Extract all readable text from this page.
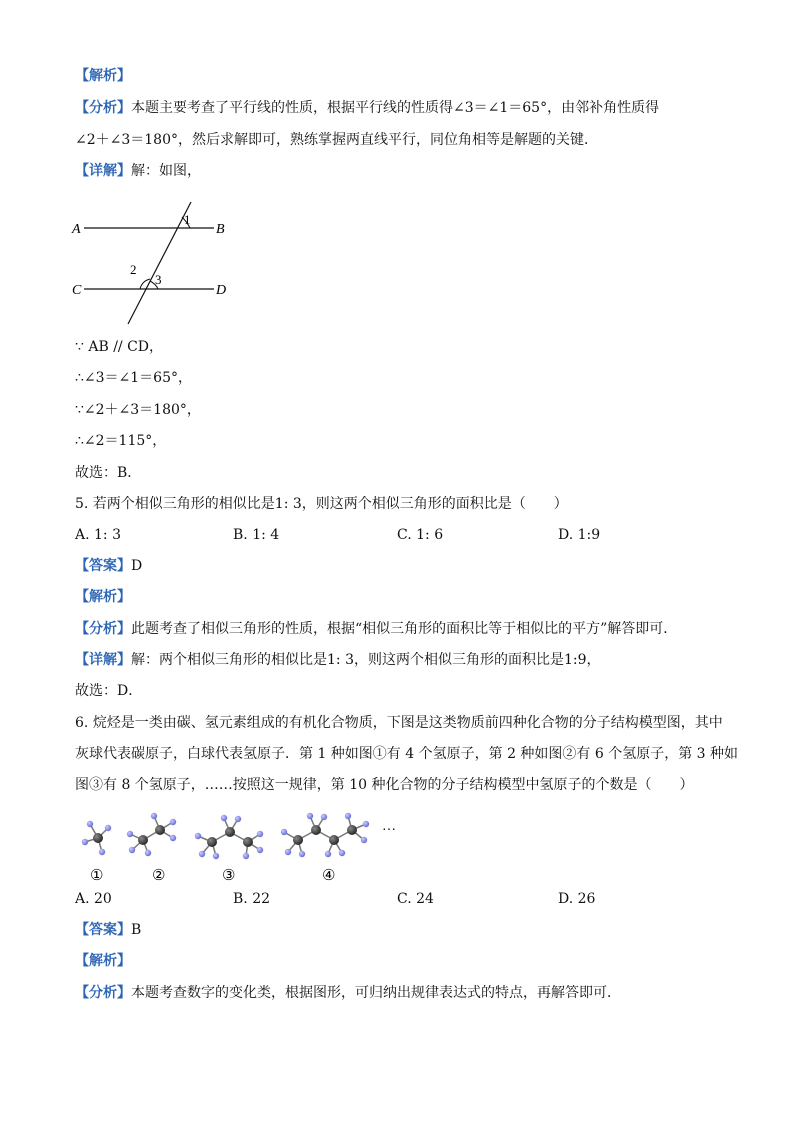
【解析】
【分析】本题主要考查了平行线的性质，根据平行线的性质得∠3＝∠1＝65°，由邻补角性质得
∠2＋∠3＝180°，然后求解即可，熟练掌握两直线平行，同位角相等是解题的关键．
【详解】解：如图，
A	B
C	D
1
2
3
∵ AB // CD，
∴∠3＝∠1＝65°，
∵∠2＋∠3＝180°，
∴∠2＝115°，
故选：B．
5. 若两个相似三角形的相似比是1: 3，则这两个相似三角形的面积比是（　　）
A. 1: 3	B. 1: 4	C. 1: 6	D. 1:9
【答案】D
【解析】
【分析】此题考查了相似三角形的性质，根据“相似三角形的面积比等于相似比的平方”解答即可．
【详解】解：两个相似三角形的相似比是1: 3，则这两个相似三角形的面积比是1:9，
故选：D．
6. 烷烃是一类由碳、氢元素组成的有机化合物质，下图是这类物质前四种化合物的分子结构模型图，其中
灰球代表碳原子，白球代表氢原子．第 1 种如图①有 4 个氢原子，第 2 种如图②有 6 个氢原子，第 3 种如
图③有 8 个氢原子，……按照这一规律，第 10 种化合物的分子结构模型中氢原子的个数是（　　）
…
①	②	③	④
A. 20	B. 22	C. 24	D. 26
【答案】B
【解析】
【分析】本题考查数字的变化类，根据图形，可归纳出规律表达式的特点，再解答即可．
